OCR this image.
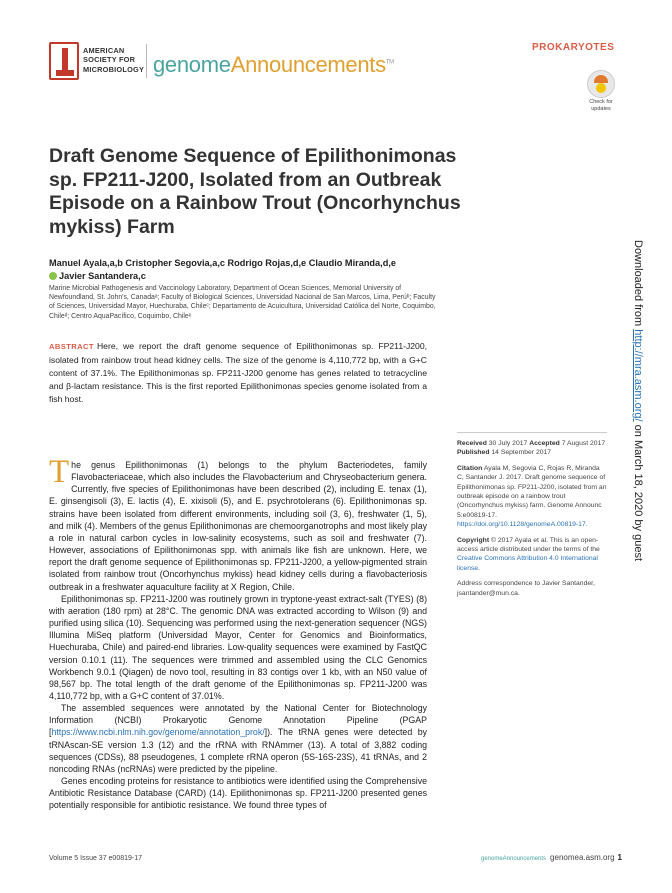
AMERICAN
SOCIETY FOR
MICROBIOLOGY genomeAnnouncements™
PROKARYOTES
Check for updates
Draft Genome Sequence of Epilithonimonas sp. FP211-J200, Isolated from an Outbreak Episode on a Rainbow Trout (Oncorhynchus mykiss) Farm
Manuel Ayala,a,b Cristopher Segovia,a,c Rodrigo Rojas,d,e Claudio Miranda,d,e
Javier Santandera,c
Marine Microbial Pathogenesis and Vaccinology Laboratory, Department of Ocean Sciences, Memorial University of Newfoundland, St. John's, Canadaᵃ; Faculty of Biological Sciences, Universidad Nacional de San Marcos, Lima, Perúᵇ; Faculty of Sciences, Universidad Mayor, Huechuraba, Chileᶜ; Departamento de Acuicultura, Universidad Católica del Norte, Coquimbo, Chileᵈ; Centro AquaPacífico, Coquimbo, Chileᵉ
ABSTRACT Here, we report the draft genome sequence of Epilithonimonas sp. FP211-J200, isolated from rainbow trout head kidney cells. The size of the genome is 4,110,772 bp, with a G+C content of 37.1%. The Epilithonimonas sp. FP211-J200 genome has genes related to tetracycline and β-lactam resistance. This is the first reported Epilithonimonas species genome isolated from a fish host.

The genus Epilithonimonas (1) belongs to the phylum Bacteriodetes, family Flavobacteriaceae, which also includes the Flavobacterium and Chryseobacterium genera. Currently, five species of Epilithonimonas have been described (2), including E. tenax (1), E. ginsengisoli (3), E. lactis (4), E. xixisoli (5), and E. psychrotolerans (6). Epilithonimonas sp. strains have been isolated from different environments, including soil (3, 6), freshwater (1, 5), and milk (4). Members of the genus Epilithonimonas are chemoorganotrophs and most likely play a role in natural carbon cycles in low-salinity ecosystems, such as soil and freshwater (7). However, associations of Epilithonimonas spp. with animals like fish are unknown. Here, we report the draft genome sequence of Epilithonimonas sp. FP211-J200, a yellow-pigmented strain isolated from rainbow trout (Oncorhynchus mykiss) head kidney cells during a flavobacteriosis outbreak in a freshwater aquaculture facility at X Region, Chile.

Epilithonimonas sp. FP211-J200 was routinely grown in tryptone-yeast extract-salt (TYES) (8) with aeration (180 rpm) at 28°C. The genomic DNA was extracted according to Wilson (9) and purified using silica (10). Sequencing was performed using the next-generation sequencer (NGS) Illumina MiSeq platform (Universidad Mayor, Center for Genomics and Bioinformatics, Huechuraba, Chile) and paired-end libraries. Low-quality sequences were examined by FastQC version 0.10.1 (11). The sequences were trimmed and assembled using the CLC Genomics Workbench 9.0.1 (Qiagen) de novo tool, resulting in 83 contigs over 1 kb, with an N50 value of 98,567 bp. The total length of the draft genome of the Epilithonimonas sp. FP211-J200 was 4,110,772 bp, with a G+C content of 37.01%.

The assembled sequences were annotated by the National Center for Biotechnology Information (NCBI) Prokaryotic Genome Annotation Pipeline (PGAP [https://www.ncbi.nlm.nih.gov/genome/annotation_prok/]). The tRNA genes were detected by tRNAscan-SE version 1.3 (12) and the rRNA with RNAmmer (13). A total of 3,882 coding sequences (CDSs), 88 pseudogenes, 1 complete rRNA operon (5S-16S-23S), 41 tRNAs, and 2 noncoding RNAs (ncRNAs) were predicted by the pipeline.

Genes encoding proteins for resistance to antibiotics were identified using the Comprehensive Antibiotic Resistance Database (CARD) (14). Epilithonimonas sp. FP211-J200 presented genes potentially responsible for antibiotic resistance. We found three types of

Received 30 July 2017 Accepted 7 August 2017 Published 14 September 2017
Citation Ayala M, Segovia C, Rojas R, Miranda C, Santander J. 2017. Draft genome sequence of Epilithonimonas sp. FP211-J200, isolated from an outbreak episode on a rainbow trout (Oncorhynchus mykiss) farm. Genome Announc 5:e00819-17. https://doi.org/10.1128/genomeA.00819-17.
Copyright © 2017 Ayala et al. This is an open-access article distributed under the terms of the Creative Commons Attribution 4.0 International license.
Address correspondence to Javier Santander, jsantander@mun.ca.
Downloaded from http://mra.asm.org/ on March 18, 2020 by guest
Volume 5 Issue 37 e00819-17	genomeAnnouncements genomea.asm.org 1
